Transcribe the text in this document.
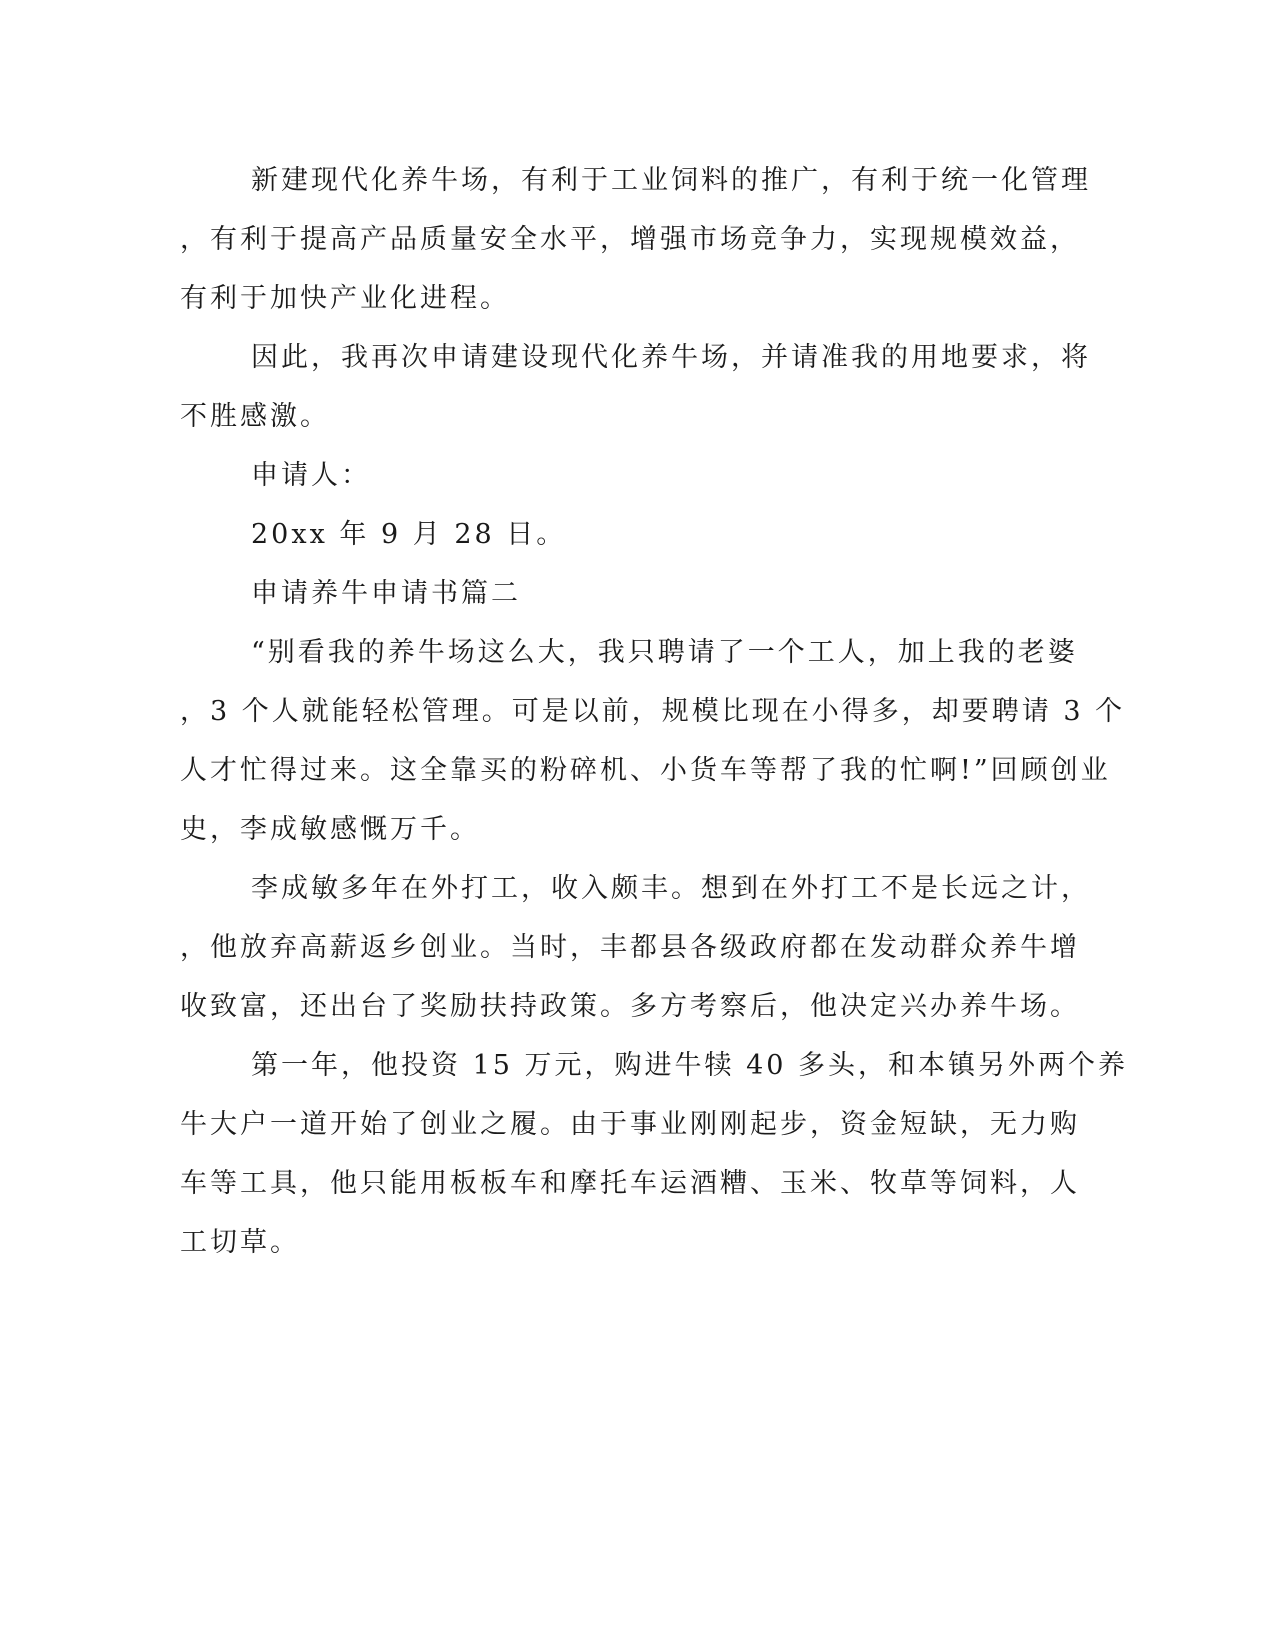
新建现代化养牛场，有利于工业饲料的推广，有利于统一化管理
，有利于提高产品质量安全水平，增强市场竞争力，实现规模效益，
有利于加快产业化进程。
因此，我再次申请建设现代化养牛场，并请准我的用地要求，将
不胜感激。
申请人：
20xx 年 9 月 28 日。
申请养牛申请书篇二
“别看我的养牛场这么大，我只聘请了一个工人，加上我的老婆
，3 个人就能轻松管理。可是以前，规模比现在小得多，却要聘请 3 个
人才忙得过来。这全靠买的粉碎机、小货车等帮了我的忙啊!”回顾创业
史，李成敏感慨万千。
李成敏多年在外打工，收入颇丰。想到在外打工不是长远之计，
，他放弃高薪返乡创业。当时，丰都县各级政府都在发动群众养牛增
收致富，还出台了奖励扶持政策。多方考察后，他决定兴办养牛场。
第一年，他投资 15 万元，购进牛犊 40 多头，和本镇另外两个养
牛大户一道开始了创业之履。由于事业刚刚起步，资金短缺，无力购
车等工具，他只能用板板车和摩托车运酒糟、玉米、牧草等饲料，人
工切草。
